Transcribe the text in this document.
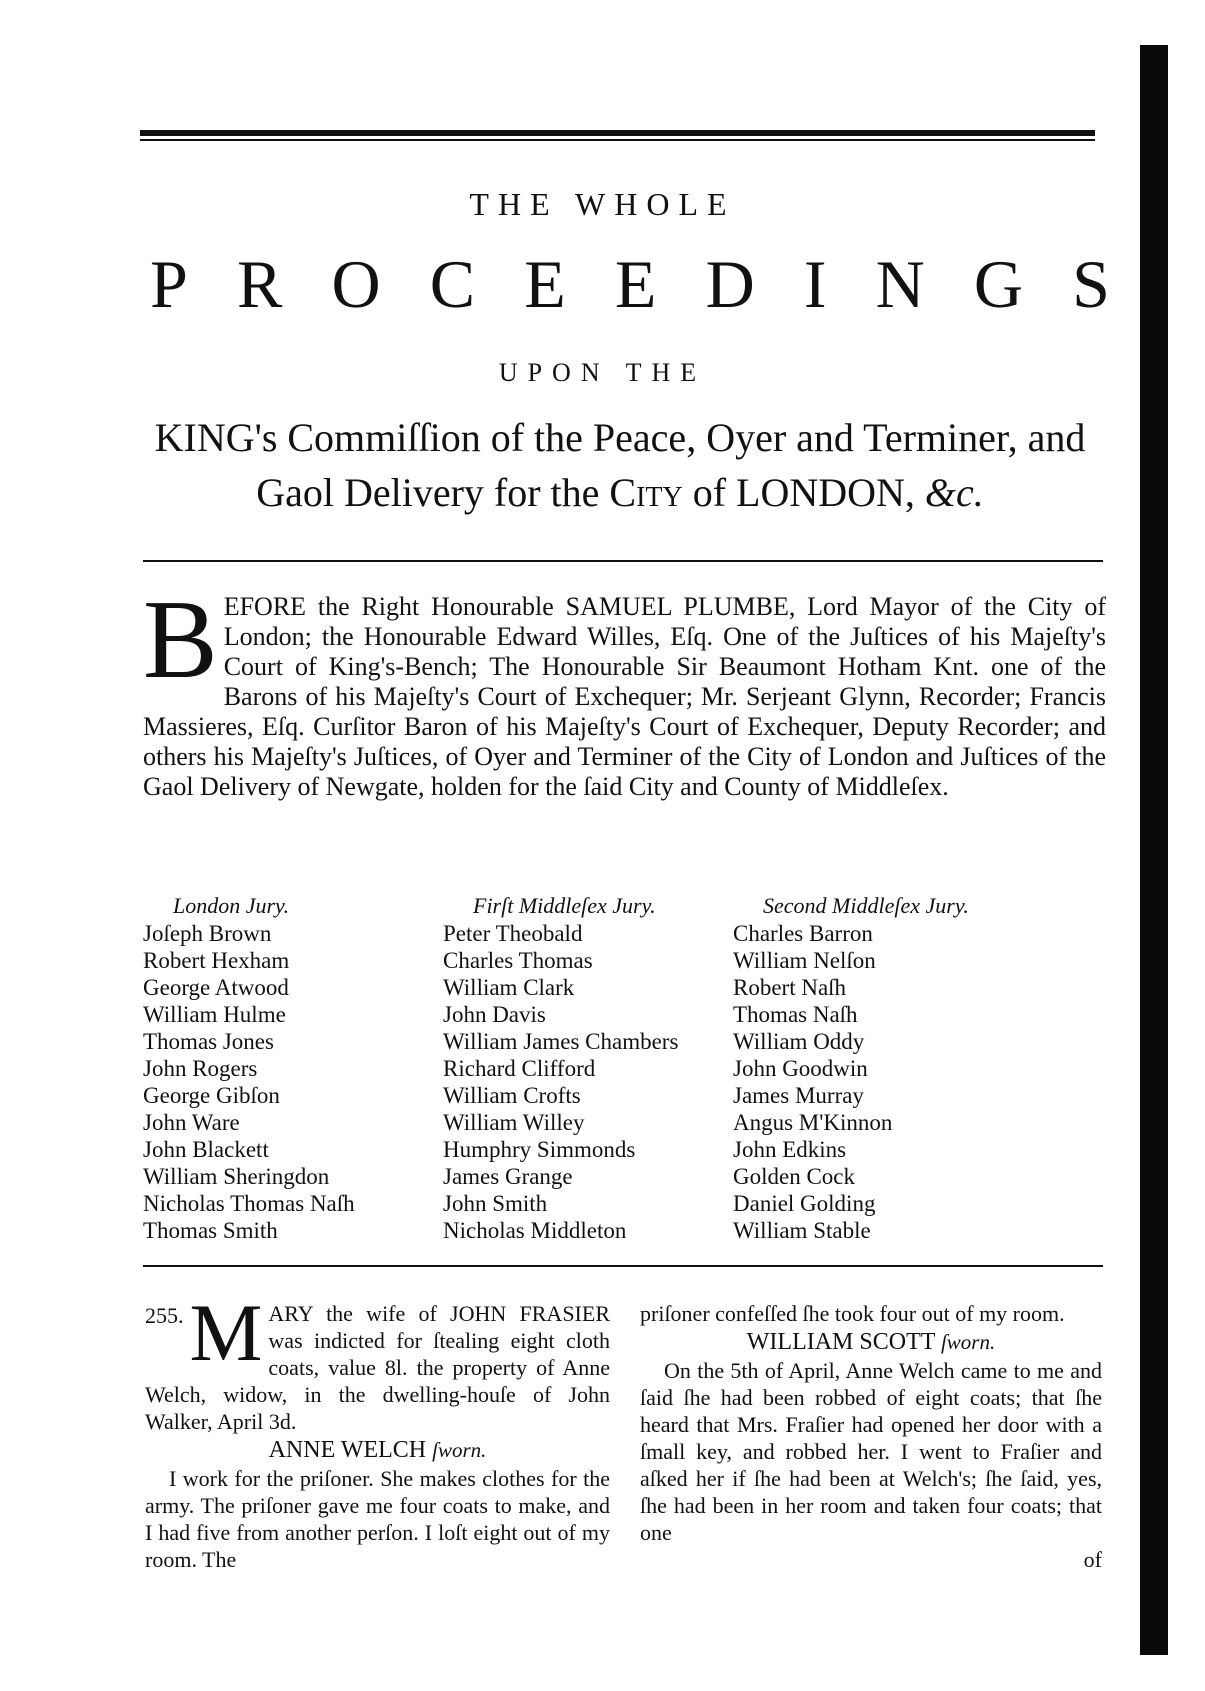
THE WHOLE
P R O C E E D I N G S
UPON THE
KING's Commiſſion of the Peace, Oyer and Terminer, and
Gaol Delivery for the City of LONDON, &c.
B EFORE the Right Honourable SAMUEL PLUMBE, Lord Mayor of the City of London; the Honourable Edward Willes, Eſq. One of the Juſtices of his Majeſty's Court of King's-Bench; The Honourable Sir Beaumont Hotham Knt. one of the Barons of his Majeſty's Court of Exchequer; Mr. Serjeant Glynn, Recorder; Francis Massieres, Eſq. Curſitor Baron of his Majeſty's Court of Exchequer, Deputy Recorder; and others his Majeſty's Juſtices, of Oyer and Terminer of the City of London and Juſtices of the Gaol Delivery of Newgate, holden for the ſaid City and County of Middleſex.
London Jury.
Joſeph Brown
Robert Hexham
George Atwood
William Hulme
Thomas Jones
John Rogers
George Gibſon
John Ware
John Blackett
William Sheringdon
Nicholas Thomas Naſh
Thomas Smith
Firſt Middleſex Jury.
Peter Theobald
Charles Thomas
William Clark
John Davis
William James Chambers
Richard Clifford
William Crofts
William Willey
Humphry Simmonds
James Grange
John Smith
Nicholas Middleton
Second Middleſex Jury.
Charles Barron
William Nelſon
Robert Naſh
Thomas Naſh
William Oddy
John Goodwin
James Murray
Angus M'Kinnon
John Edkins
Golden Cock
Daniel Golding
William Stable

255. M ARY the wife of JOHN FRASIER was indicted for ſtealing eight cloth coats, value 8l. the property of Anne Welch, widow, in the dwelling-houſe of John Walker, April 3d.

ANNE WELCH ſworn.

I work for the priſoner. She makes clothes for the army. The priſoner gave me four coats to make, and I had five from another perſon. I loſt eight out of my room. The

priſoner confeſſed ſhe took four out of my room.

WILLIAM SCOTT ſworn.

On the 5th of April, Anne Welch came to me and ſaid ſhe had been robbed of eight coats; that ſhe heard that Mrs. Fraſier had opened her door with a ſmall key, and robbed her. I went to Fraſier and aſked her if ſhe had been at Welch's; ſhe ſaid, yes, ſhe had been in her room and taken four coats; that one

of
